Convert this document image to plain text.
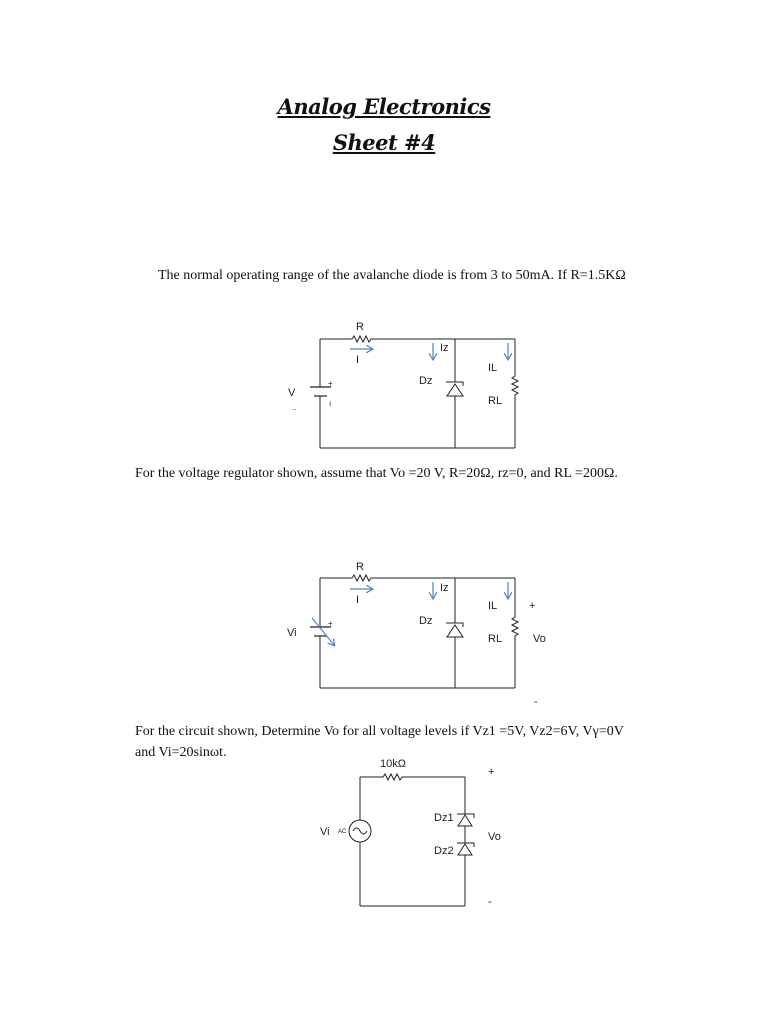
Analog Electronics
Sheet #4
The normal operating range of the avalanche diode is from 3 to 50mA. If R=1.5KΩ
For the voltage regulator shown, assume that Vo =20 V, R=20Ω, rz=0, and RL =200Ω.
For the circuit shown, Determine Vo for all voltage levels if Vz1 =5V, Vz2=6V, Vγ=0V
and Vi=20sinωt.
R
I
Iz
Dz
IL
RL
V
+
ı
..
R
I
Iz
Dz
IL
RL
Vi
+
Vo
+
-
10kΩ
Vi AC
Dz1
Dz2
Vo
+
-
